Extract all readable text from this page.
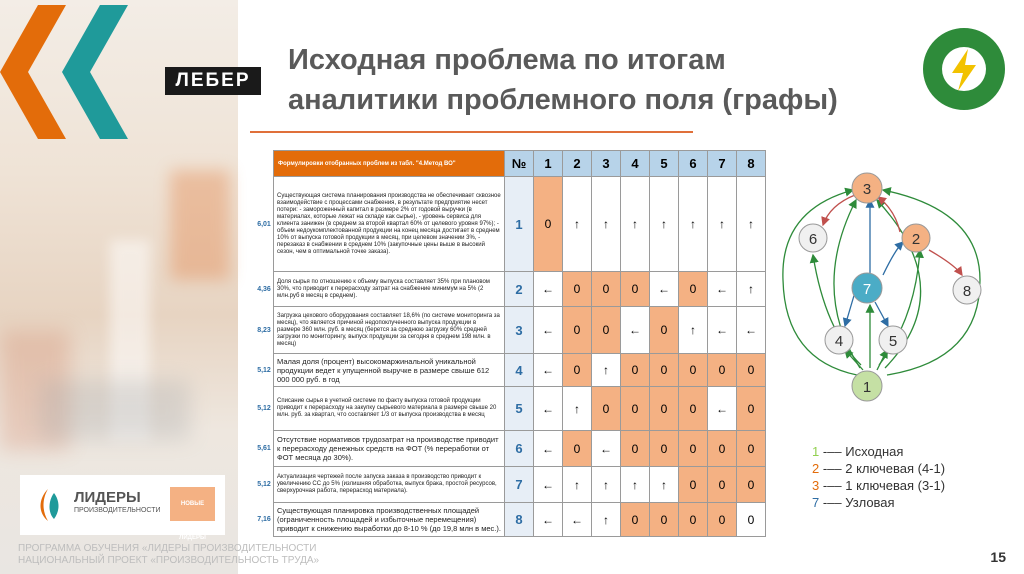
ЛЕБЕР
Исходная проблема по итогам
аналитики проблемного поля (графы)
	Формулировки отобранных проблем из табл. "4.Метод ВО"	№	1	2	3	4	5	6	7	8
6,01	Существующая система планирования производства не обеспечивает сквозное взаимодействие с процессами снабжения, в результате предприятие несет потери: - замороженный капитал в размере 2% от годовой выручки (в материалах, которые лежат на складе как сырье), - уровень сервиса для клиента занижен (в среднем за второй квартал 60% от целевого уровня 97%); - объем недоукомплектованной продукции на конец месяца достигает в среднем 10% от выпуска готовой продукции в месяц, при целевом значении 3%, - перезаказ в снабжении в среднем 10% (закупочные цены выше в высокий сезон, чем в оптимальной точке заказа).	1	0	↑	↑	↑	↑	↑	↑	↑
4,36	Доля сырья по отношению к объему выпуска составляет 35% при плановом 30%, что приводит к перерасходу затрат на снабжение минимум на 5% (2 млн.руб в месяц в среднем).	2	←	0	0	0	←	0	←	↑
8,23	Загрузка цехового оборудования составляет 18,6% (по системе мониторинга за месяц), что является причиной недопоклученного выпуска продукции в размере 360 млн. руб. в месяц (берется за среднюю загрузку 60% средней загрузки по мониторингу, выпуск продукции за сегодня в среднем 198 млн. в месяц)	3	←	0	0	←	0	↑	←	←
5,12	Малая доля (процент) высокомаржинальной уникальной продукции ведет к упущенной выручке в размере свыше 612 000 000 руб. в год	4	←	0	↑	0	0	0	0	0
5,12	Списание сырья в учетной системе по факту выпуска готовой продукции приводит к перерасходу на закупку сырьевого материала в размере свыше 20 млн. руб. за квартал, что составляет 1/3 от выпуска производства в месяц	5	←	↑	0	0	0	0	←	0
5,61	Отсутствие нормативов трудозатрат на производстве приводит к перерасходу денежных средств на ФОТ (% переработки от ФОТ месяца до 30%).	6	←	0	←	0	0	0	0	0
5,12	Актуализация чертежей после запуска заказа в производство приводит к увеличению СС до 5% (излишняя обработка, выпуск брака, простой ресурсов, сверхурочная работа, перерасход материала).	7	←	↑	↑	↑	↑	0	0	0
7,16	Существующая планировка производственных площадей (ограниченность площадей и избыточные перемещения) приводит к снижению выработки до 8-10 % (до 19,8 млн в мес.).	8	←	←	↑	0	0	0	0	0
3
6	2
7	8
4	5
1
1 -–– Исходная
2 -–– 2 ключевая (4-1)
3 -–– 1 ключевая (3-1)
7 -–– Узловая
ЛИДЕРЫ
ПРОИЗВОДИТЕЛЬНОСТИ
НОВЫЕ ЛИДЕРЫ
ПРОГРАММА ОБУЧЕНИЯ «ЛИДЕРЫ ПРОИЗВОДИТЕЛЬНОСТИ
НАЦИОНАЛЬНЫЙ ПРОЕКТ «ПРОИЗВОДИТЕЛЬНОСТЬ ТРУДА»	15
